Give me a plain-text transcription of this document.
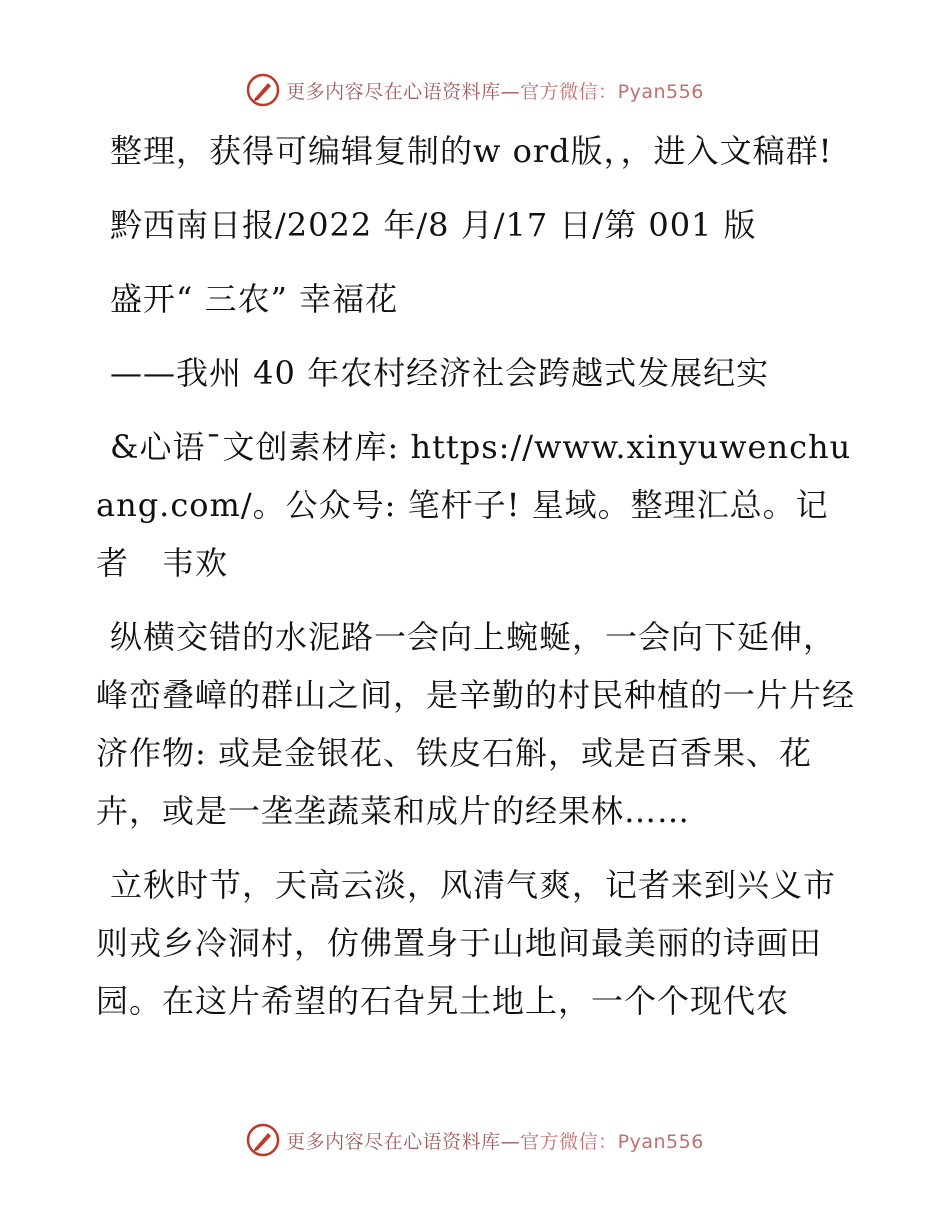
更多内容尽在心语资料库—官方微信：Pyan556

整理，获得可编辑复制的w ord版，，进入文稿群!

黔西南日报/2022 年/8 月/17 日/第 001 版

盛开“ 三农” 幸福花

——我州 40 年农村经济社会跨越式发展纪实

&心语¯文创素材库: https://www.xinyuwenchuang.com/。公众号: 笔杆子! 星域。整理汇总。记者　韦欢

纵横交错的水泥路一会向上蜿蜒，一会向下延伸，峰峦叠嶂的群山之间，是辛勤的村民种植的一片片经济作物: 或是金银花、铁皮石斛，或是百香果、花卉，或是一垄垄蔬菜和成片的经果林……

立秋时节，天高云淡，风清气爽，记者来到兴义市则戎乡冷洞村，仿佛置身于山地间最美丽的诗画田园。在这片希望的石旮旯土地上，一个个现代农

更多内容尽在心语资料库—官方微信：Pyan556
